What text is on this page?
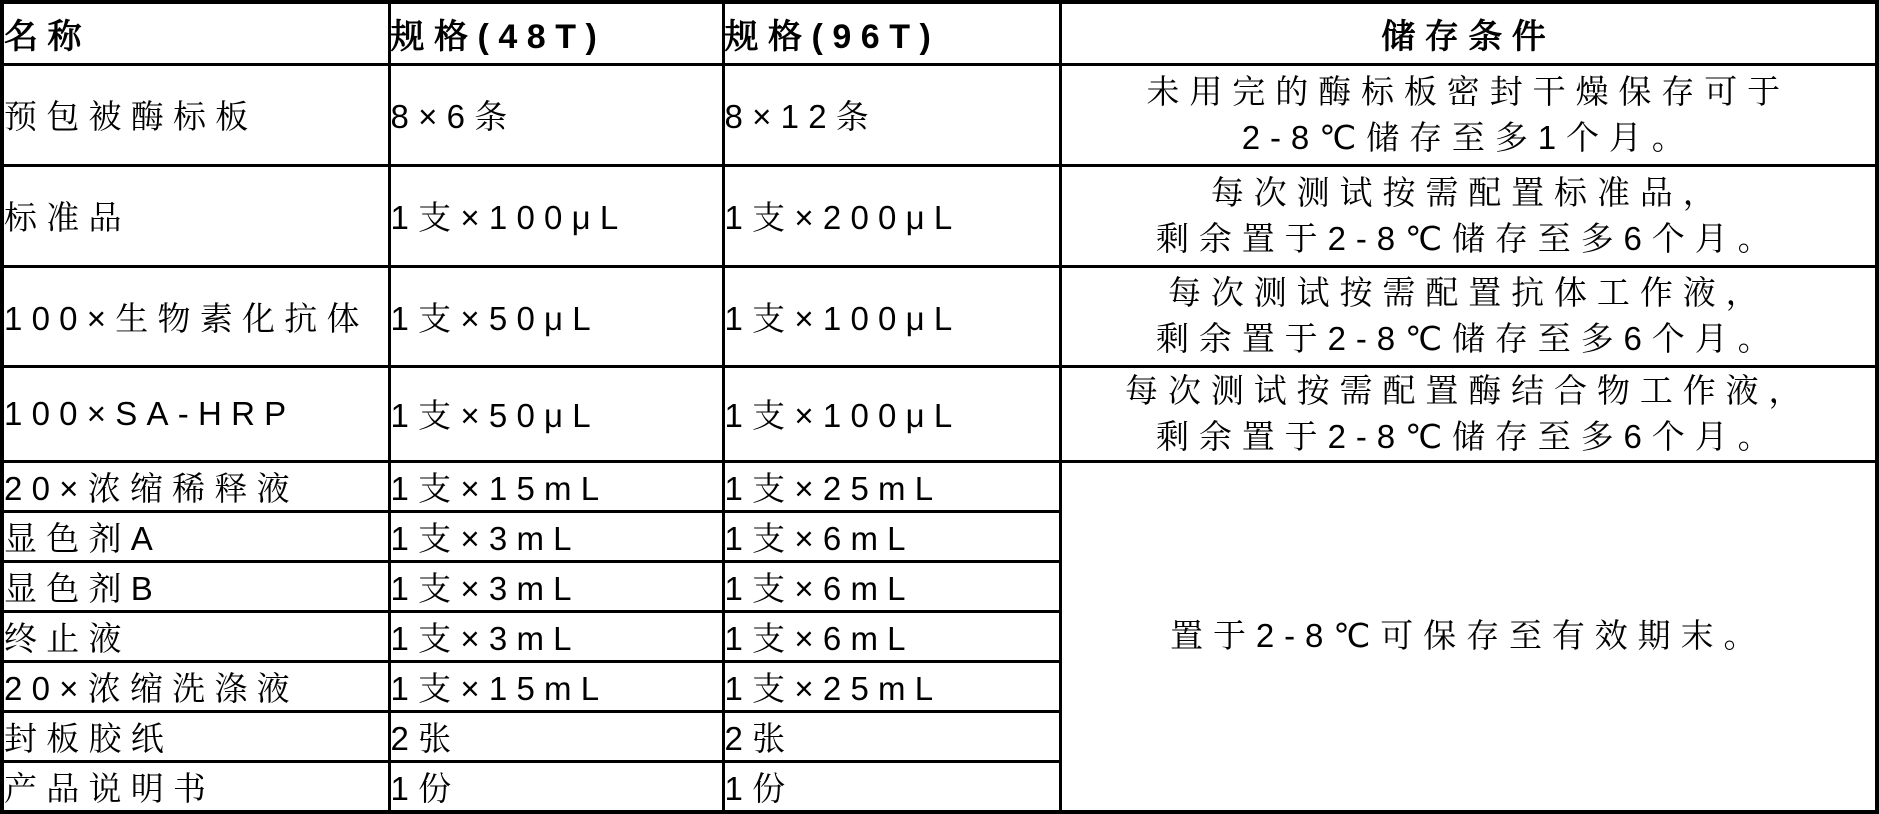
名称	规格(48T)	规格(96T)	储存条件
预包被酶标板	8×6条	8×12条	未用完的酶标板密封干燥保存可于
2-8℃储存至多1个月。

标准品	1支×100μL	1支×200μL	每次测试按需配置标准品，
剩余置于2-8℃储存至多6个月。

100×生物素化抗体	1支×50μL	1支×100μL	每次测试按需配置抗体工作液，
剩余置于2-8℃储存至多6个月。

100×SA-HRP	1支×50μL	1支×100μL	每次测试按需配置酶结合物工作液，
剩余置于2-8℃储存至多6个月。

20×浓缩稀释液	1支×15mL	1支×25mL	置于2-8℃可保存至有效期末。
显色剂A	1支×3mL	1支×6mL	
显色剂B	1支×3mL	1支×6mL	
终止液	1支×3mL	1支×6mL	
20×浓缩洗涤液	1支×15mL	1支×25mL	
封板胶纸	2张	2张	
产品说明书	1份	1份	
